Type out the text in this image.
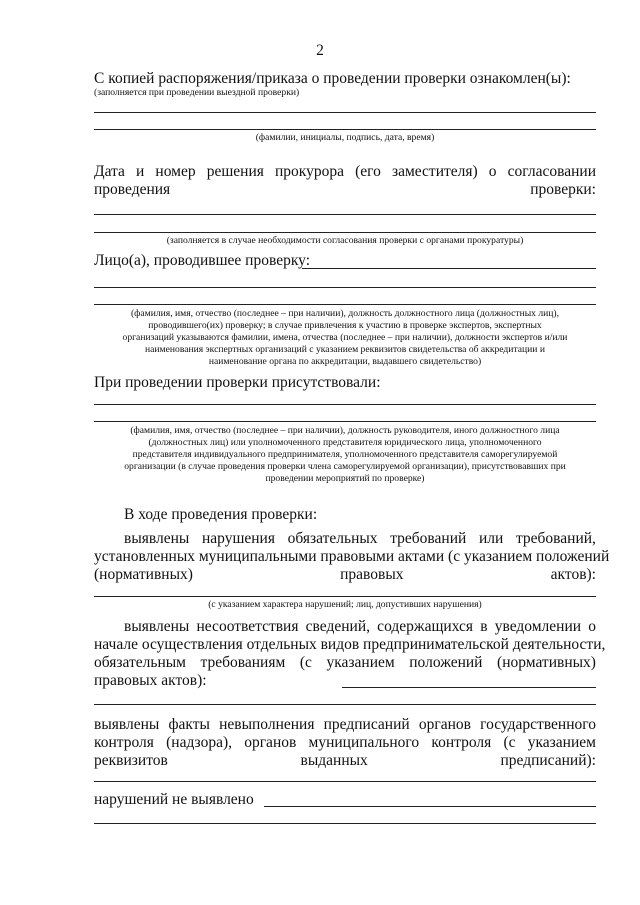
2
С копией распоряжения/приказа о проведении проверки ознакомлен(ы):
(заполняется при проведении выездной проверки)
(фамилии, инициалы, подпись, дата, время)
Дата и номер решения прокурора (его заместителя) о согласовании
проведения	проверки:
(заполняется в случае необходимости согласования проверки с органами прокуратуры)
Лицо(а), проводившее проверку:
(фамилия, имя, отчество (последнее – при наличии), должность должностного лица (должностных лиц),
проводившего(их) проверку; в случае привлечения к участию в проверке экспертов, экспертных
организаций указываются фамилии, имена, отчества (последнее – при наличии), должности экспертов и/или
наименования экспертных организаций с указанием реквизитов свидетельства об аккредитации и
наименование органа по аккредитации, выдавшего свидетельство)
При проведении проверки присутствовали:
(фамилия, имя, отчество (последнее – при наличии), должность руководителя, иного должностного лица
(должностных лиц) или уполномоченного представителя юридического лица, уполномоченного
представителя индивидуального предпринимателя, уполномоченного представителя саморегулируемой
организации (в случае проведения проверки члена саморегулируемой организации), присутствовавших при
проведении мероприятий по проверке)
В ходе проведения проверки:
выявлены нарушения обязательных требований или требований,
установленных муниципальными правовыми актами (с указанием положений
(нормативных)	правовых	актов):
(с указанием характера нарушений; лиц, допустивших нарушения)
выявлены несоответствия сведений, содержащихся в уведомлении о
начале осуществления отдельных видов предпринимательской деятельности,
обязательным требованиям (с указанием положений (нормативных)
правовых актов):
выявлены факты невыполнения предписаний органов государственного
контроля (надзора), органов муниципального контроля (с указанием
реквизитов	выданных	предписаний):
нарушений не выявлено
